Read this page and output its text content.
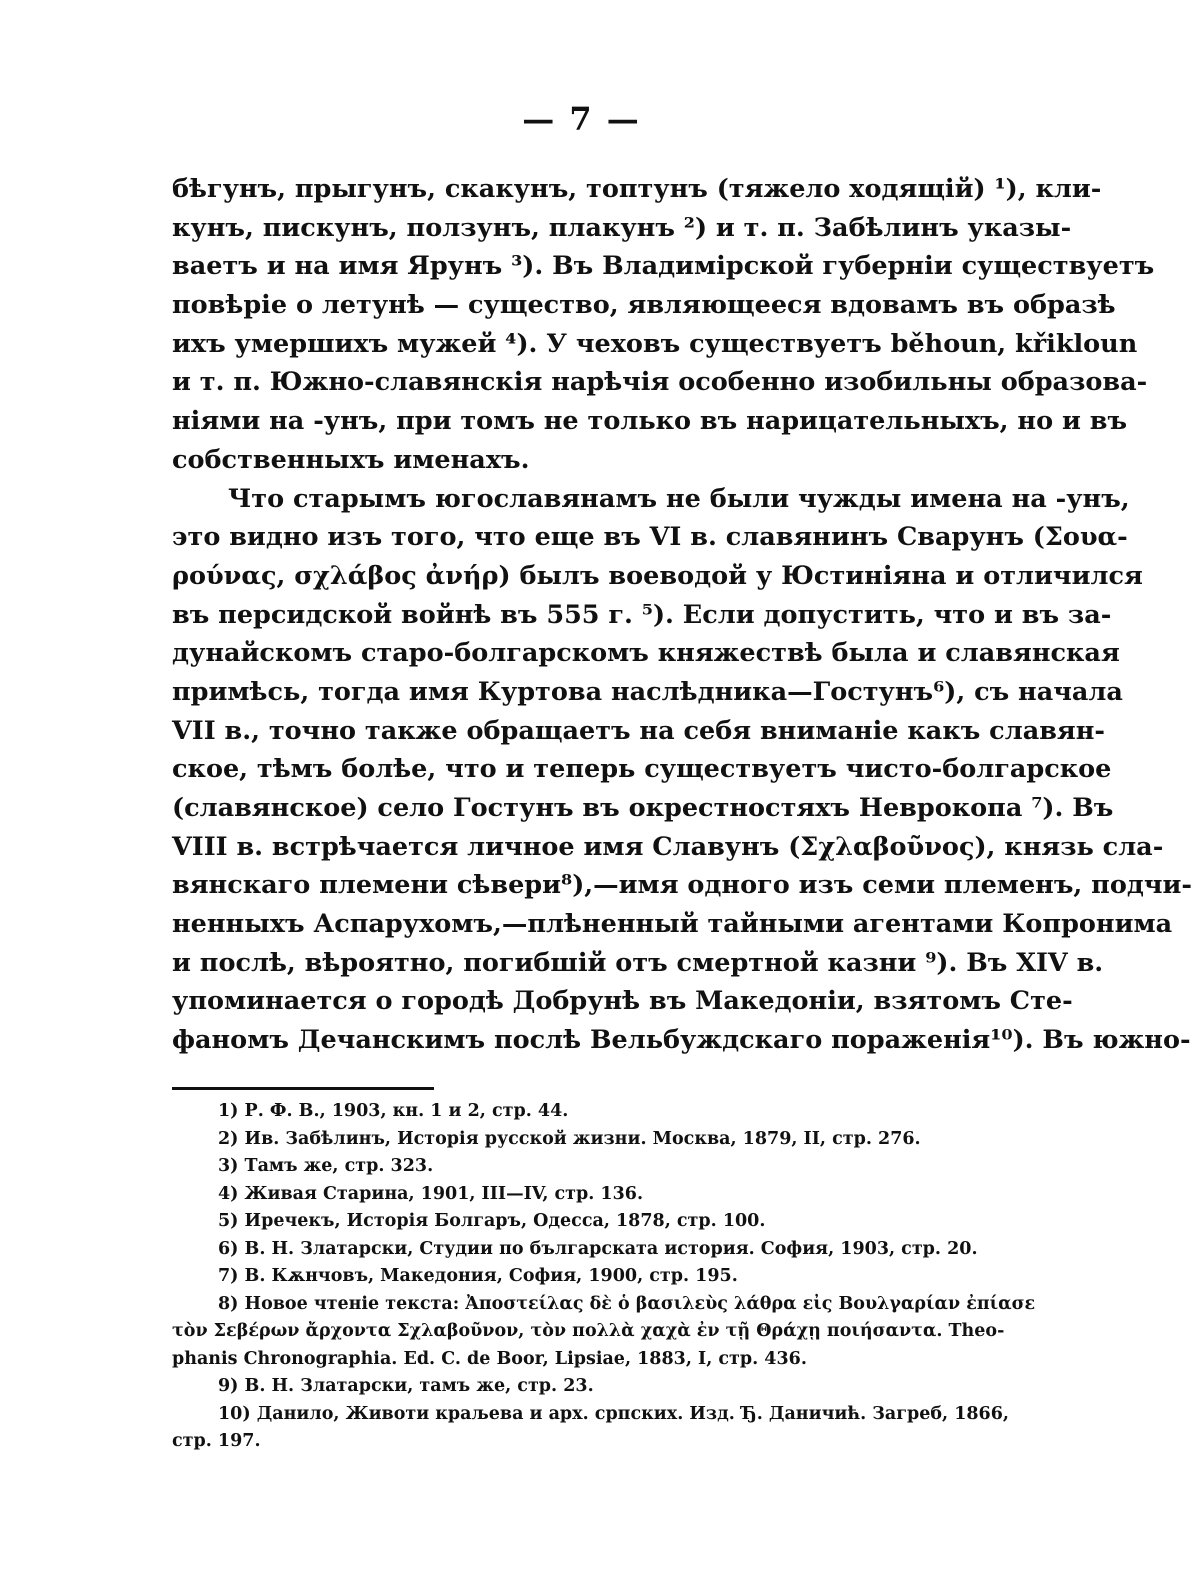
— 7 —
бѣгунъ, прыгунъ, скакунъ, топтунъ (тяжело ходящій) ¹), кли-
кунъ, пискунъ, ползунъ, плакунъ ²) и т. п. Забѣлинъ указы-
ваетъ и на имя Ярунъ ³). Въ Владимірской губерніи существуетъ
повѣріе о летунѣ — существо, являющееся вдовамъ въ образѣ
ихъ умершихъ мужей ⁴). У чеховъ существуетъ běhoun, křiklоun
и т. п. Южно-славянскія нарѣчія особенно изобильны образова-
ніями на -унъ, при томъ не только въ нарицательныхъ, но и въ
собственныхъ именахъ.
Что старымъ югославянамъ не были чужды имена на -унъ,
это видно изъ того, что еще въ VI в. славянинъ Сварунъ (Σουα-
ρούνας, σχλάβος ἀνήρ) былъ воеводой у Юстиніяна и отличился
въ персидской войнѣ въ 555 г. ⁵). Если допустить, что и въ за-
дунайскомъ старо-болгарскомъ княжествѣ была и славянская
примѣсь, тогда имя Куртова наслѣдника—Гостунъ⁶), съ начала
VII в., точно также обращаетъ на себя вниманіе какъ славян-
ское, тѣмъ болѣе, что и теперь существуетъ чисто-болгарское
(славянское) село Гостунъ въ окрестностяхъ Неврокопа ⁷). Въ
VIII в. встрѣчается личное имя Славунъ (Σχλαβοῦνος), князь сла-
вянскаго племени сѣвери⁸),—имя одного изъ семи племенъ, подчи-
ненныхъ Аспарухомъ,—плѣненный тайными агентами Копронима
и послѣ, вѣроятно, погибшій отъ смертной казни ⁹). Въ XIV в.
упоминается о городѣ Добрунѣ въ Македоніи, взятомъ Сте-
фаномъ Дечанскимъ послѣ Вельбуждскаго пораженія¹⁰). Въ южно-
1) Р. Ф. В., 1903, кн. 1 и 2, стр. 44.
2) Ив. Забѣлинъ, Исторія русской жизни. Москва, 1879, II, стр. 276.
3) Тамъ же, стр. 323.
4) Живая Старина, 1901, III—IV, стр. 136.
5) Иречекъ, Исторія Болгаръ, Одесса, 1878, стр. 100.
6) В. Н. Златарски, Студии по българската история. София, 1903, стр. 20.
7) В. Кѫнчовъ, Македония, София, 1900, стр. 195.
8) Новое чтеніе текста: Ἀποστείλας δὲ ὁ βασιλεὺς λάθρα εἰς Βουλγαρίαν ἐπίασε
τὸν Σεβέρων ἄρχοντα Σχλαβοῦνον, τὸν πολλὰ χαχὰ ἐν τῇ Θράχῃ ποιήσαντα. Theo-
phanis Chronographia. Ed. C. de Boor, Lipsiae, 1883, I, стр. 436.
9) В. Н. Златарски, тамъ же, стр. 23.
10) Данило, Животи краљева и арх. српских. Изд. Ђ. Даничић. Загреб, 1866,
стр. 197.
